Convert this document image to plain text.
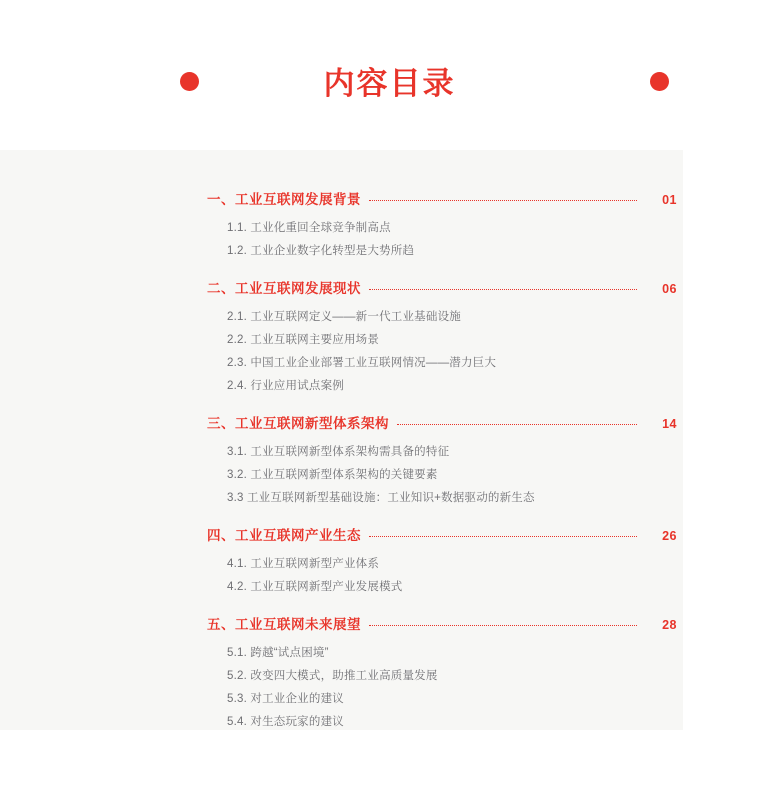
内容目录
一、工业互联网发展背景	01
1.1. 工业化重回全球竞争制高点
1.2. 工业企业数字化转型是大势所趋
二、工业互联网发展现状	06
2.1. 工业互联网定义——新一代工业基础设施
2.2. 工业互联网主要应用场景
2.3. 中国工业企业部署工业互联网情况——潜力巨大
2.4. 行业应用试点案例
三、工业互联网新型体系架构	14
3.1. 工业互联网新型体系架构需具备的特征
3.2. 工业互联网新型体系架构的关键要素
3.3 工业互联网新型基础设施：工业知识+数据驱动的新生态
四、工业互联网产业生态	26
4.1. 工业互联网新型产业体系
4.2. 工业互联网新型产业发展模式
五、工业互联网未来展望	28
5.1. 跨越“试点困境”
5.2. 改变四大模式，助推工业高质量发展
5.3. 对工业企业的建议
5.4. 对生态玩家的建议
